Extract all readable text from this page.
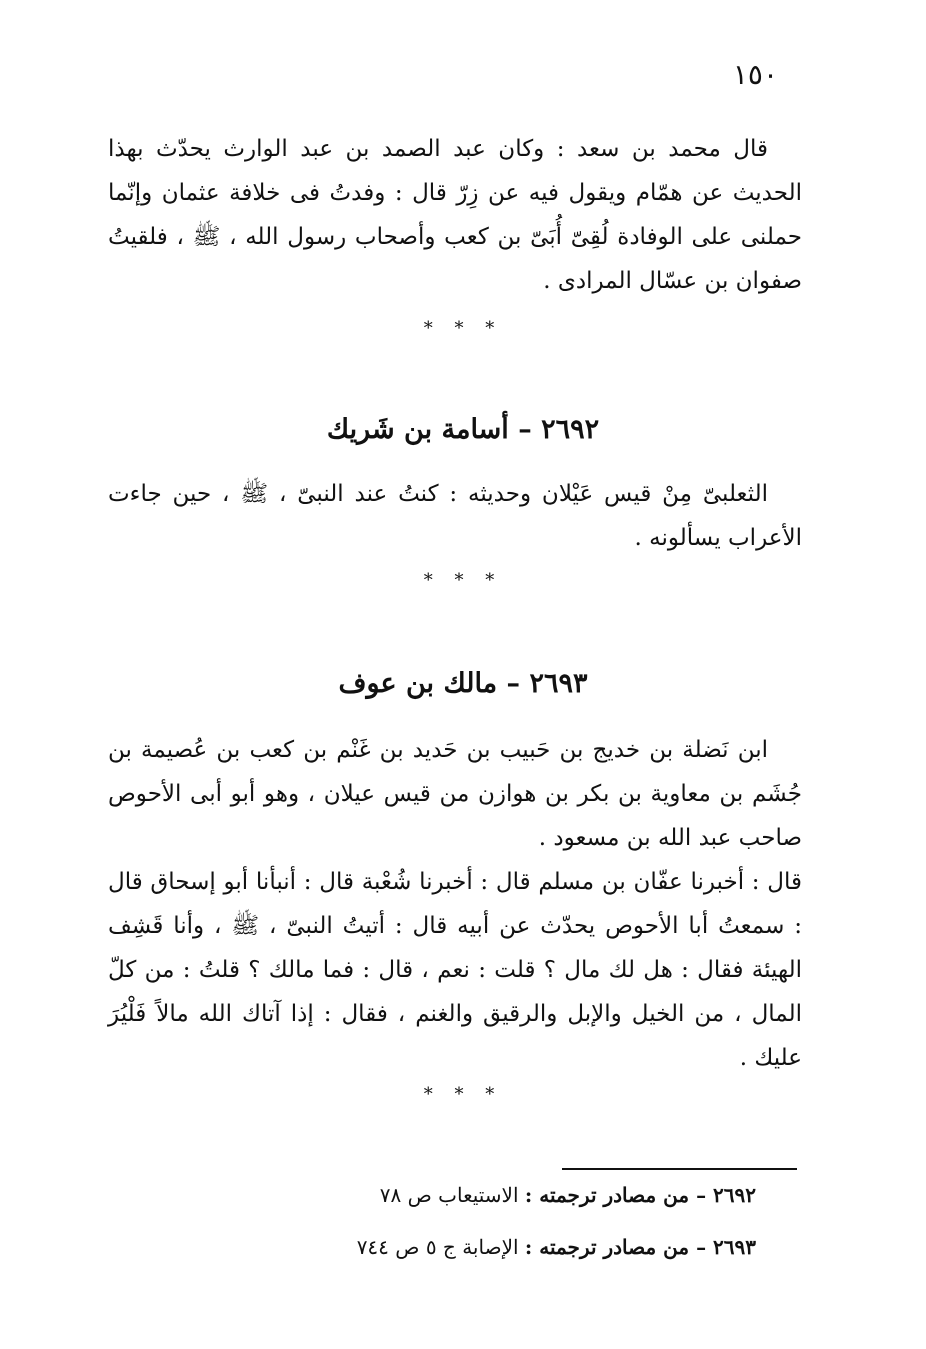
١٥٠

قال محمد بن سعد : وكان عبد الصمد بن عبد الوارث يحدّث بهذا الحديث عن همّام ويقول فيه عن زِرّ قال : وفدتُ فى خلافة عثمان وإنّما حملنى على الوفادة لُقِىّ أُبَىّ بن كعب وأصحاب رسول الله ، ﷺ ، فلقيتُ صفوان بن عسّال المرادى .

* * *
٢٦٩٢ – أسامة بن شَريك

الثعلبىّ مِنْ قيس عَيْلان وحديثه : كنتُ عند النبىّ ، ﷺ ، حين جاءت الأعراب يسألونه .

* * *
٢٦٩٣ – مالك بن عوف

ابن نَضلة بن خديج بن حَبيب بن حَديد بن غَنْم بن كعب بن عُصيمة بن جُشَم بن معاوية بن بكر بن هوازن من قيس عيلان ، وهو أبو أبى الأحوص صاحب عبد الله بن مسعود .

قال : أخبرنا عفّان بن مسلم قال : أخبرنا شُعْبة قال : أنبأنا أبو إسحاق قال : سمعتُ أبا الأحوص يحدّث عن أبيه قال : أتيتُ النبىّ ، ﷺ ، وأنا قَشِف الهيئة فقال : هل لك مال ؟ قلت : نعم ، قال : فما مالك ؟ قلتُ : من كلّ المال ، من الخيل والإبل والرقيق والغنم ، فقال : إذا آتاك الله مالاً فَلْيُرَ عليك .

* * *
٢٦٩٢ – من مصادر ترجمته : الاستيعاب ص ٧٨
٢٦٩٣ – من مصادر ترجمته : الإصابة ج ٥ ص ٧٤٤
